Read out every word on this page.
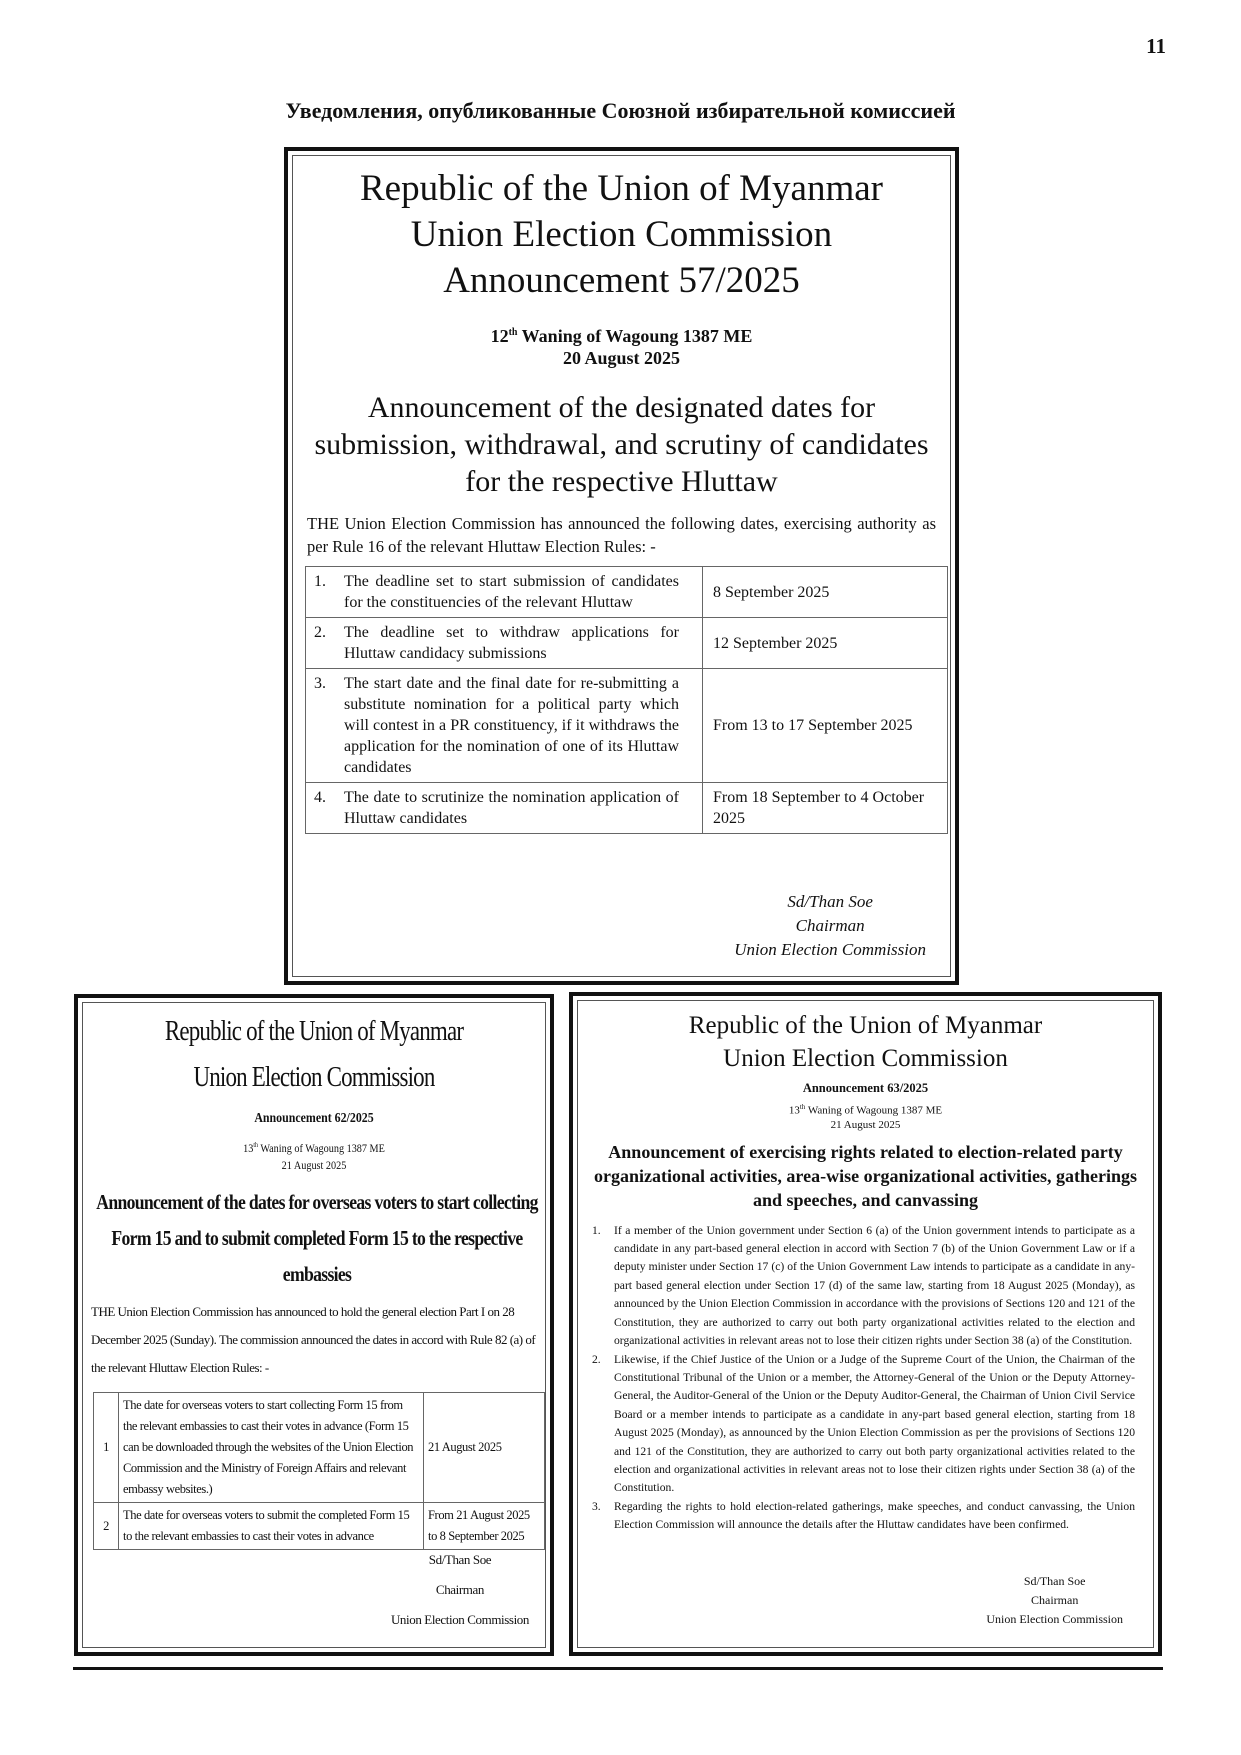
11
Уведомления, опубликованные Союзной избирательной комиссией
Republic of the Union of Myanmar
Union Election Commission
Announcement 57/2025
12th Waning of Wagoung 1387 ME
20 August 2025
Announcement of the designated dates for submission, withdrawal, and scrutiny of candidates for the respective Hluttaw
THE Union Election Commission has announced the following dates, exercising authority as per Rule 16 of the relevant Hluttaw Election Rules: -
1. The deadline set to start submission of candidates for the constituencies of the relevant Hluttaw	8 September 2025
2. The deadline set to withdraw applications for Hluttaw candidacy submissions	12 September 2025
3. The start date and the final date for re-submitting a substitute nomination for a political party which will contest in a PR constituency, if it withdraws the application for the nomination of one of its Hluttaw candidates	From 13 to 17 September 2025
4. The date to scrutinize the nomination application of Hluttaw candidates	From 18 September to 4 October 2025
Sd/Than Soe
Chairman
Union Election Commission
Republic of the Union of Myanmar
Union Election Commission
Announcement 62/2025
13th Waning of Wagoung 1387 ME
21 August 2025
Announcement of the dates for overseas voters to start collecting Form 15 and to submit completed Form 15 to the respective embassies
THE Union Election Commission has announced to hold the general election Part I on 28 December 2025 (Sunday). The commission announced the dates in accord with Rule 82 (a) of the relevant Hluttaw Election Rules: -
1	The date for overseas voters to start collecting Form 15 from the relevant embassies to cast their votes in advance (Form 15 can be downloaded through the websites of the Union Election Commission and the Ministry of Foreign Affairs and relevant embassy websites.)	21 August 2025
2	The date for overseas voters to submit the completed Form 15 to the relevant embassies to cast their votes in advance	From 21 August 2025 to 8 September 2025
Sd/Than Soe
Chairman
Union Election Commission
Republic of the Union of Myanmar
Union Election Commission
Announcement 63/2025
13th Waning of Wagoung 1387 ME
21 August 2025
Announcement of exercising rights related to election-related party organizational activities, area-wise organizational activities, gatherings and speeches, and canvassing
1.	If a member of the Union government under Section 6 (a) of the Union government intends to participate as a candidate in any part-based general election in accord with Section 7 (b) of the Union Government Law or if a deputy minister under Section 17 (c) of the Union Government Law intends to participate as a candidate in any-part based general election under Section 17 (d) of the same law, starting from 18 August 2025 (Monday), as announced by the Union Election Commission in accordance with the provisions of Sections 120 and 121 of the Constitution, they are authorized to carry out both party organizational activities related to the election and organizational activities in relevant areas not to lose their citizen rights under Section 38 (a) of the Constitution.
2.	Likewise, if the Chief Justice of the Union or a Judge of the Supreme Court of the Union, the Chairman of the Constitutional Tribunal of the Union or a member, the Attorney-General of the Union or the Deputy Attorney-General, the Auditor-General of the Union or the Deputy Auditor-General, the Chairman of Union Civil Service Board or a member intends to participate as a candidate in any-part based general election, starting from 18 August 2025 (Monday), as announced by the Union Election Commission as per the provisions of Sections 120 and 121 of the Constitution, they are authorized to carry out both party organizational activities related to the election and organizational activities in relevant areas not to lose their citizen rights under Section 38 (a) of the Constitution.
3.	Regarding the rights to hold election-related gatherings, make speeches, and conduct canvassing, the Union Election Commission will announce the details after the Hluttaw candidates have been confirmed.
Sd/Than Soe
Chairman
Union Election Commission
